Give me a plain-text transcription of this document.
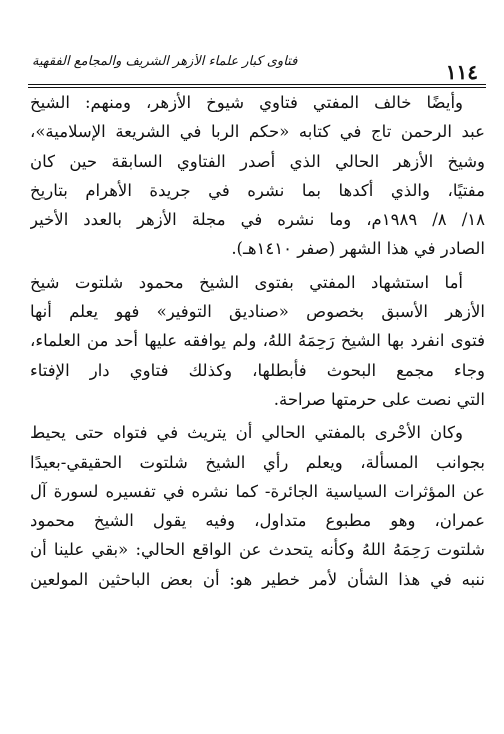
١١٤
فتاوى كبار علماء الأزهر الشريف والمجامع الفقهية
وأيضًا خالف المفتي فتاوي شيوخ الأزهر، ومنهم: الشيخ
عبد الرحمن تاج في كتابه «حكم الربا في الشريعة الإسلامية»،
وشيخ الأزهر الحالي الذي أصدر الفتاوي السابقة حين كان
مفتيًا، والذي أكدها بما نشره في جريدة الأهرام بتاريخ
١٨/ ٨/ ١٩٨٩م، وما نشره في مجلة الأزهر بالعدد الأخير
الصادر في هذا الشهر (صفر ١٤١٠هـ).
أما استشهاد المفتي بفتوى الشيخ محمود شلتوت شيخ
الأزهر الأسبق بخصوص «صناديق التوفير» فهو يعلم أنها
فتوى انفرد بها الشيخ رَحِمَهُ اللهُ، ولم يوافقه عليها أحد من العلماء،
وجاء مجمع البحوث فأبطلها، وكذلك فتاوي دار الإفتاء
التي نصت على حرمتها صراحة.
وكان الأحْرى بالمفتي الحالي أن يتريث في فتواه حتى يحيط
بجوانب المسألة، ويعلم رأي الشيخ شلتوت الحقيقي-بعيدًا
عن المؤثرات السياسية الجائرة- كما نشره في تفسيره لسورة آل
عمران، وهو مطبوع متداول، وفيه يقول الشيخ محمود
شلتوت رَحِمَهُ اللهُ وكأنه يتحدث عن الواقع الحالي: «بقي علينا أن
ننبه في هذا الشأن لأمر خطير هو: أن بعض الباحثين المولعين
